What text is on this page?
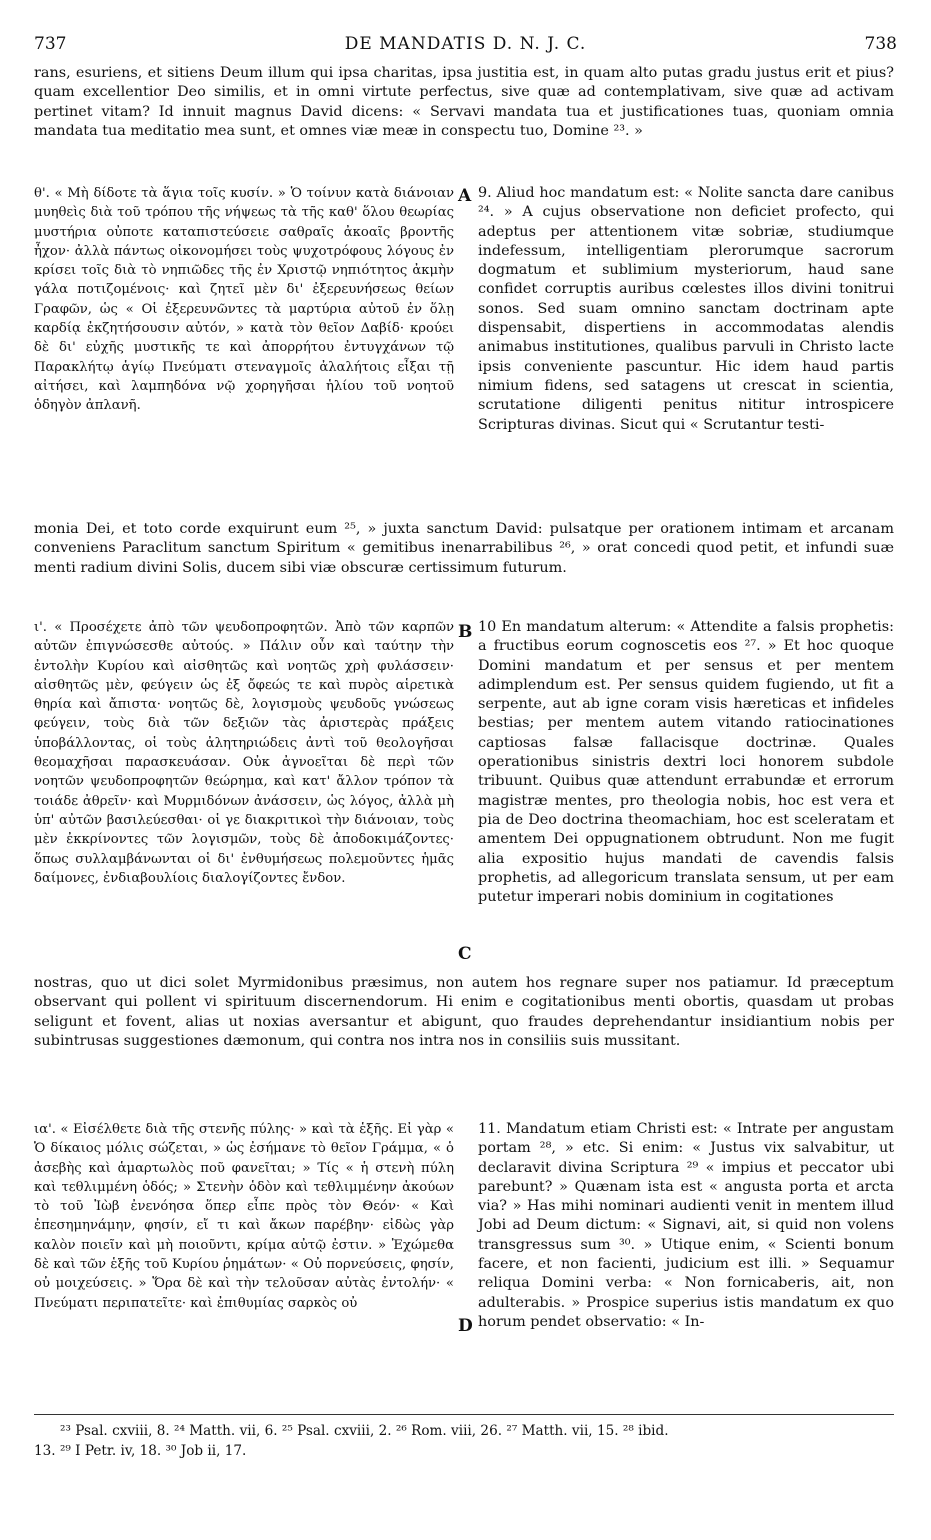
737	DE MANDATIS D. N. J. C.	738
rans, esuriens, et sitiens Deum illum qui ipsa charitas, ipsa justitia est, in quam alto putas gradu justus erit et pius? quam excellentior Deo similis, et in omni virtute perfectus, sive quæ ad contemplativam, sive quæ ad activam pertinet vitam? Id innuit magnus David dicens: « Servavi mandata tua et justificationes tuas, quoniam omnia mandata tua meditatio mea sunt, et omnes viæ meæ in conspectu tuo, Domine ²³. »
θ'. « Μὴ δίδοτε τὰ ἅγια τοῖς κυσίν. » Ὁ τοίνυν κατὰ διάνοιαν μυηθεὶς διὰ τοῦ τρόπου τῆς νήψεως τὰ τῆς καθ' ὅλου θεωρίας μυστήρια οὐποτε καταπιστεύσειε σαθραῖς ἀκοαῖς βροντῆς ἦχον· ἀλλὰ πάντως οἰκονομήσει τοὺς ψυχοτρόφους λόγους ἐν κρίσει τοῖς διὰ τὸ νηπιῶδες τῆς ἐν Χριστῷ νηπιότητος ἀκμὴν γάλα ποτιζομένοις· καὶ ζητεῖ μὲν δι' ἐξερευνήσεως θείων Γραφῶν, ὡς « Οἱ ἐξερευνῶντες τὰ μαρτύρια αὐτοῦ ἐν ὅλῃ καρδίᾳ ἐκζητήσουσιν αὐτόν, » κατὰ τὸν θεῖον Δαβίδ· κρούει δὲ δι' εὐχῆς μυστικῆς τε καὶ ἀπορρήτου ἐντυγχάνων τῷ Παρακλήτῳ ἁγίῳ Πνεύματι στεναγμοῖς ἀλαλήτοις εἶξαι τῇ αἰτήσει, καὶ λαμπηδόνα νῷ χορηγῆσαι ἡλίου τοῦ νοητοῦ ὁδηγὸν ἀπλανῆ.
A 9. Aliud hoc mandatum est: « Nolite sancta dare canibus ²⁴. » A cujus observatione non deficiet profecto, qui adeptus per attentionem vitæ sobriæ, studiumque indefessum, intelligentiam plerorumque sacrorum dogmatum et sublimium mysteriorum, haud sane confidet corruptis auribus cœlestes illos divini tonitrui sonos. Sed suam omnino sanctam doctrinam apte dispensabit, dispertiens in accommodatas alendis animabus institutiones, qualibus parvuli in Christo lacte ipsis conveniente pascuntur. Hic idem haud partis nimium fidens, sed satagens ut crescat in scientia, scrutatione diligenti penitus nititur introspicere Scripturas divinas. Sicut qui « Scrutantur testi-
monia Dei, et toto corde exquirunt eum ²⁵, » juxta sanctum David: pulsatque per orationem intimam et arcanam conveniens Paraclitum sanctum Spiritum « gemitibus inenarrabilibus ²⁶, » orat concedi quod petit, et infundi suæ menti radium divini Solis, ducem sibi viæ obscuræ certissimum futurum.
ι'. « Προσέχετε ἀπὸ τῶν ψευδοπροφητῶν. Ἀπὸ τῶν καρπῶν αὐτῶν ἐπιγνώσεσθε αὐτούς. » Πάλιν οὖν καὶ ταύτην τὴν ἐντολὴν Κυρίου καὶ αἰσθητῶς καὶ νοητῶς χρὴ φυλάσσειν· αἰσθητῶς μὲν, φεύγειν ὡς ἐξ ὄφεώς τε καὶ πυρὸς αἱρετικὰ θηρία καὶ ἄπιστα· νοητῶς δὲ, λογισμοὺς ψευδοῦς γνώσεως φεύγειν, τοὺς διὰ τῶν δεξιῶν τὰς ἀριστερὰς πράξεις ὑποβάλλοντας, οἱ τοὺς ἀλητηριώδεις ἀντὶ τοῦ θεολογῆσαι θεομαχῆσαι παρασκευάσαν. Οὐκ ἀγνοεῖται δὲ περὶ τῶν νοητῶν ψευδοπροφητῶν θεώρημα, καὶ κατ' ἄλλον τρόπον τὰ τοιάδε ἀθρεῖν· καὶ Μυρμιδόνων ἀνάσσειν, ὡς λόγος, ἀλλὰ μὴ ὑπ' αὐτῶν βασιλεύεσθαι· οἱ γε διακριτικοὶ τὴν διάνοιαν, τοὺς μὲν ἐκκρίνοντες τῶν λογισμῶν, τοὺς δὲ ἀποδοκιμάζοντες· ὅπως συλλαμβάνωνται οἱ δι' ἐνθυμήσεως πολεμοῦντες ἡμᾶς δαίμονες, ἐνδιαβουλίοις διαλογίζοντες ἔνδον.
B 10 En mandatum alterum: « Attendite a falsis prophetis: a fructibus eorum cognoscetis eos ²⁷. » Et hoc quoque Domini mandatum et per sensus et per mentem adimplendum est. Per sensus quidem fugiendo, ut fit a serpente, aut ab igne coram visis hæreticas et infideles bestias; per mentem autem vitando ratiocinationes captiosas falsæ fallacisque doctrinæ. Quales operationibus sinistris dextri loci honorem subdole tribuunt. Quibus quæ attendunt errabundæ et errorum magistræ mentes, pro theologia nobis, hoc est vera et pia de Deo doctrina theomachiam, hoc est sceleratam et amentem Dei oppugnationem obtrudunt. Non me fugit alia expositio hujus mandati de cavendis falsis prophetis, ad allegoricum translata sensum, ut per eam putetur imperari nobis dominium in cogitationes
C
nostras, quo ut dici solet Myrmidonibus præsimus, non autem hos regnare super nos patiamur. Id præceptum observant qui pollent vi spirituum discernendorum. Hi enim e cogitationibus menti obortis, quasdam ut probas seligunt et fovent, alias ut noxias aversantur et abigunt, quo fraudes deprehendantur insidiantium nobis per subintrusas suggestiones dæmonum, qui contra nos intra nos in consiliis suis mussitant.
ια'. « Εἰσέλθετε διὰ τῆς στενῆς πύλης· » καὶ τὰ ἑξῆς. Εἰ γὰρ « Ὁ δίκαιος μόλις σώζεται, » ὡς ἐσήμανε τὸ θεῖον Γράμμα, « ὁ ἀσεβὴς καὶ ἁμαρτωλὸς ποῦ φανεῖται; » Τίς « ἡ στενὴ πύλη καὶ τεθλιμμένη ὁδός; » Στενὴν ὁδὸν καὶ τεθλιμμένην ἀκούων τὸ τοῦ Ἰὼβ ἐνενόησα ὅπερ εἶπε πρὸς τὸν Θεόν· « Καὶ ἐπεσημηνάμην, φησίν, εἴ τι καὶ ἄκων παρέβην· εἰδὼς γὰρ καλὸν ποιεῖν καὶ μὴ ποιοῦντι, κρίμα αὐτῷ ἐστιν. » Ἐχώμεθα δὲ καὶ τῶν ἑξῆς τοῦ Κυρίου ῥημάτων· « Οὐ πορνεύσεις, φησίν, οὐ μοιχεύσεις. » Ὅρα δὲ καὶ τὴν τελοῦσαν αὐτὰς ἐντολήν· « Πνεύματι περιπατεῖτε· καὶ ἐπιθυμίας σαρκὸς οὐ
D
11. Mandatum etiam Christi est: « Intrate per angustam portam ²⁸, » etc. Si enim: « Justus vix salvabitur, ut declaravit divina Scriptura ²⁹ « impius et peccator ubi parebunt? » Quænam ista est « angusta porta et arcta via? » Has mihi nominari audienti venit in mentem illud Jobi ad Deum dictum: « Signavi, ait, si quid non volens transgressus sum ³⁰. » Utique enim, « Scienti bonum facere, et non facienti, judicium est illi. » Sequamur reliqua Domini verba: « Non fornicaberis, ait, non adulterabis. » Prospice superius istis mandatum ex quo horum pendet observatio: « In-
²³ Psal. cxviii, 8. ²⁴ Matth. vii, 6. ²⁵ Psal. cxviii, 2. ²⁶ Rom. viii, 26. ²⁷ Matth. vii, 15. ²⁸ ibid.
13. ²⁹ I Petr. iv, 18. ³⁰ Job ii, 17.
